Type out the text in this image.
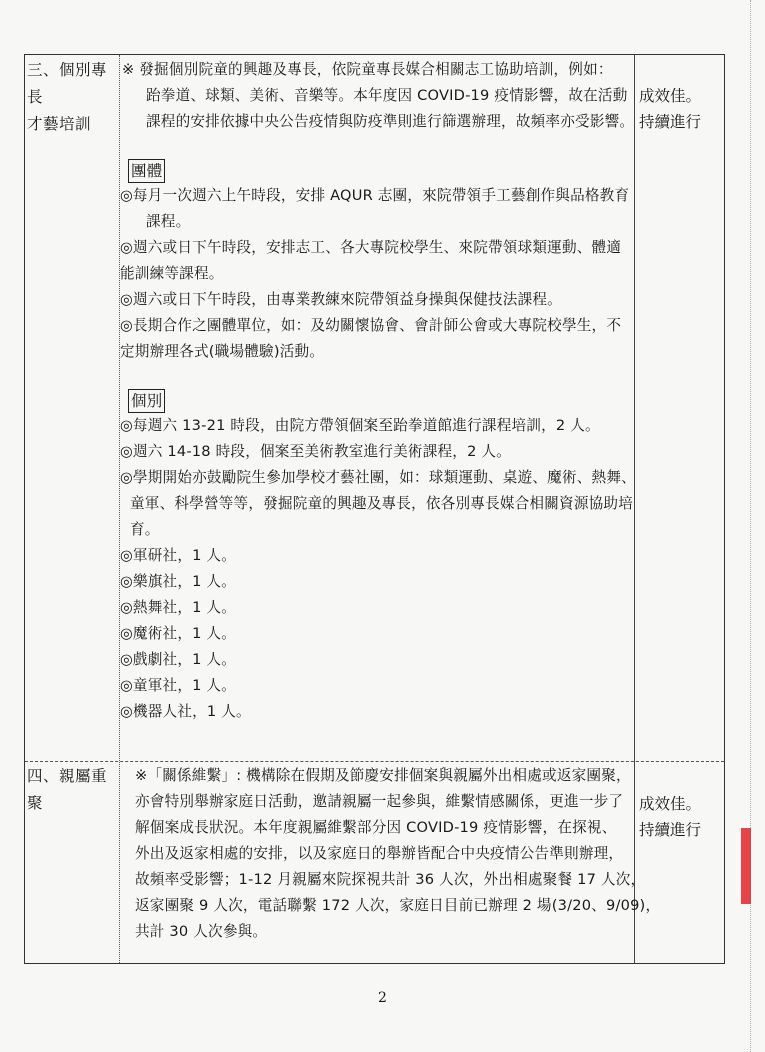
三、個別專長
才藝培訓
成效佳。
持續進行
※ 發掘個別院童的興趣及專長，依院童專長媒合相關志工協助培訓，例如：
跆拳道、球類、美術、音樂等。本年度因 COVID-19 疫情影響，故在活動
課程的安排依據中央公告疫情與防疫準則進行篩選辦理，故頻率亦受影響。
團體
◎每月一次週六上午時段，安排 AQUR 志團，來院帶領手工藝創作與品格教育
課程。
◎週六或日下午時段，安排志工、各大專院校學生、來院帶領球類運動、體適
能訓練等課程。
◎週六或日下午時段，由專業教練來院帶領益身操與保健技法課程。
◎長期合作之團體單位，如：及幼關懷協會、會計師公會或大專院校學生，不
定期辦理各式(職場體驗)活動。
個別
◎每週六 13-21 時段，由院方帶領個案至跆拳道館進行課程培訓，2 人。
◎週六 14-18 時段，個案至美術教室進行美術課程，2 人。
◎學期開始亦鼓勵院生參加學校才藝社團，如：球類運動、桌遊、魔術、熱舞、
童軍、科學營等等，發掘院童的興趣及專長，依各別專長媒合相關資源協助培
育。
◎軍研社，1 人。
◎樂旗社，1 人。
◎熱舞社，1 人。
◎魔術社，1 人。
◎戲劇社，1 人。
◎童軍社，1 人。
◎機器人社，1 人。
四、親屬重聚	成效佳。
持續進行
※「關係維繫」: 機構除在假期及節慶安排個案與親屬外出相處或返家團聚，
亦會特別舉辦家庭日活動，邀請親屬一起參與，維繫情感關係，更進一步了
解個案成長狀況。本年度親屬維繫部分因 COVID-19 疫情影響，在探視、
外出及返家相處的安排，以及家庭日的舉辦皆配合中央疫情公告準則辦理，
故頻率受影響；1-12 月親屬來院探視共計 36 人次，外出相處聚餐 17 人次，
返家團聚 9 人次，電話聯繫 172 人次，家庭日目前已辦理 2 場(3/20、9/09)，
共計 30 人次參與。
2
